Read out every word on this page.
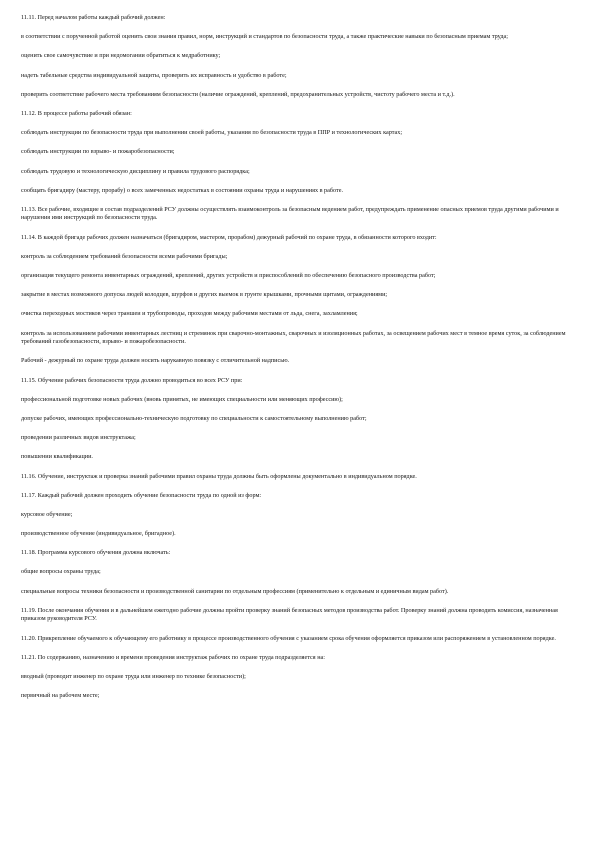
11.11. Перед началом работы каждый рабочий должен:

в соответствии с порученной работой оценить свои знания правил, норм, инструкций и стандартов по безопасности труда, а также практические навыки по безопасным приемам труда;

оценить свое самочувствие и при недомогании обратиться к медработнику;

надеть табельные средства индивидуальной защиты, проверить их исправность и удобство в работе;

проверить соответствие рабочего места требованиям безопасности (наличие ограждений, креплений, предохранительных устройств, чистоту рабочего места и т.д.).

11.12. В процессе работы рабочий обязан:

соблюдать инструкции по безопасности труда при выполнении своей работы, указания по безопасности труда в ППР и технологических картах;

соблюдать инструкции по взрыво- и пожаробезопасности;

соблюдать трудовую и технологическую дисциплину и правила трудового распорядка;

сообщать бригадиру (мастеру, прорабу) о всех замеченных недостатках в состоянии охраны труда и нарушениях в работе.

11.13. Все рабочие, входящие в состав подразделений РСУ должны осуществлять взаимоконтроль за безопасным ведением работ, предупреждать применение опасных приемов труда другими рабочими и нарушения ими инструкций по безопасности труда.

11.14. В каждой бригаде рабочих должен назначаться (бригадиром, мастером, прорабом) дежурный рабочий по охране труда, в обязанности которого входит:

контроль за соблюдением требований безопасности всеми рабочими бригады;

организация текущего ремонта инвентарных ограждений, креплений, других устройств и приспособлений по обеспечению безопасного производства работ;

закрытие в местах возможного допуска людей колодцев, шурфов и других выемок в грунте крышками, прочными щитами, ограждениями;

очистка переходных мостиков через траншеи и трубопроводы, проходов между рабочими местами от льда, снега, захламления;

контроль за использованием рабочими инвентарных лестниц и стремянок при сварочно-монтажных, сварочных и изоляционных работах, за освещением рабочих мест в темное время суток, за соблюдением требований газобезопасности, взрыво- и пожаробезопасности.

Рабочий - дежурный по охране труда должен носить нарукавную повязку с отличительной надписью.

11.15. Обучение рабочих безопасности труда должно проводиться во всех РСУ при:

профессиональной подготовке новых рабочих (вновь принятых, не имеющих специальности или меняющих профессию);

допуске рабочих, имеющих профессионально-техническую подготовку по специальности к самостоятельному выполнению работ;

проведении различных видов инструктажа;

повышении квалификации.

11.16. Обучение, инструктаж и проверка знаний рабочими правил охраны труда должны быть оформлены документально в индивидуальном порядке.

11.17. Каждый рабочий должен проходить обучение безопасности труда по одной из форм:

курсовое обучение;

производственное обучение (индивидуальное, бригадное).

11.18. Программа курсового обучения должна включать:

общие вопросы охраны труда;

специальные вопросы техники безопасности и производственной санитарии по отдельным профессиям (применительно к отдельным и единичным видам работ).

11.19. После окончания обучения и в дальнейшем ежегодно рабочие должны пройти проверку знаний безопасных методов производства работ. Проверку знаний должна проводить комиссия, назначенная приказом руководителя РСУ.

11.20. Прикрепление обучаемого к обучающему его работнику в процессе производственного обучения с указанием срока обучения оформляется приказом или распоряжением в установленном порядке.

11.21. По содержанию, назначению и времени проведения инструктаж рабочих по охране труда подразделяется на:

вводный (проводит инженер по охране труда или инженер по технике безопасности);

первичный на рабочем месте;
